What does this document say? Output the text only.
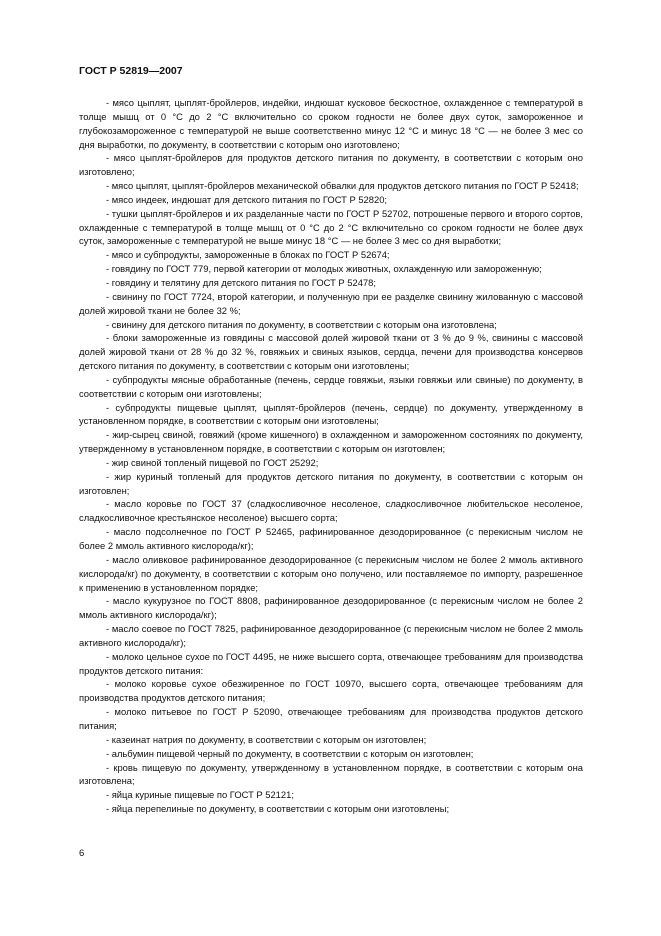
ГОСТ Р 52819—2007

- мясо цыплят, цыплят-бройлеров, индейки, индюшат кусковое бескостное, охлажденное с температурой в толще мышц от 0 °С до 2 °С включительно со сроком годности не более двух суток, замороженное и глубокозамороженное с температурой не выше соответственно минус 12 °С и минус 18 °С — не более 3 мес со дня выработки, по документу, в соответствии с которым оно изготовлено;

- мясо цыплят-бройлеров для продуктов детского питания по документу, в соответствии с которым оно изготовлено;

- мясо цыплят, цыплят-бройлеров механической обвалки для продуктов детского питания по ГОСТ Р 52418;

- мясо индеек, индюшат для детского питания по ГОСТ Р 52820;

- тушки цыплят-бройлеров и их разделанные части по ГОСТ Р 52702, потрошеные первого и второго сортов, охлажденные с температурой в толще мышц от 0 °С до 2 °С включительно со сроком годности не более двух суток, замороженные с температурой не выше минус 18 °С — не более 3 мес со дня выработки;

- мясо и субпродукты, замороженные в блоках по ГОСТ Р 52674;

- говядину по ГОСТ 779, первой категории от молодых животных, охлажденную или замороженную;

- говядину и телятину для детского питания по ГОСТ Р 52478;

- свинину по ГОСТ 7724, второй категории, и полученную при ее разделке свинину жилованную с массовой долей жировой ткани не более 32 %;

- свинину для детского питания по документу, в соответствии с которым она изготовлена;

- блоки замороженные из говядины с массовой долей жировой ткани от 3 % до 9 %, свинины с массовой долей жировой ткани от 28 % до 32 %, говяжьих и свиных языков, сердца, печени для производства консервов детского питания по документу, в соответствии с которым они изготовлены;

- субпродукты мясные обработанные (печень, сердце говяжьи, языки говяжьи или свиные) по документу, в соответствии с которым они изготовлены;

- субпродукты пищевые цыплят, цыплят-бройлеров (печень, сердце) по документу, утвержденному в установленном порядке, в соответствии с которым они изготовлены;

- жир-сырец свиной, говяжий (кроме кишечного) в охлажденном и замороженном состояниях по документу, утвержденному в установленном порядке, в соответствии с которым он изготовлен;

- жир свиной топленый пищевой по ГОСТ 25292;

- жир куриный топленый для продуктов детского питания по документу, в соответствии с которым он изготовлен;

- масло коровье по ГОСТ 37 (сладкосливочное несоленое, сладкосливочное любительское несоленое, сладкосливочное крестьянское несоленое) высшего сорта;

- масло подсолнечное по ГОСТ Р 52465, рафинированное дезодорированное (с перекисным числом не более 2 ммоль активного кислорода/кг);

- масло оливковое рафинированное дезодорированное (с перекисным числом не более 2 ммоль активного кислорода/кг) по документу, в соответствии с которым оно получено, или поставляемое по импорту, разрешенное к применению в установленном порядке;

- масло кукурузное по ГОСТ 8808, рафинированное дезодорированное (с перекисным числом не более 2 ммоль активного кислорода/кг);

- масло соевое по ГОСТ 7825, рафинированное дезодорированное (с перекисным числом не более 2 ммоль активного кислорода/кг);

- молоко цельное сухое по ГОСТ 4495, не ниже высшего сорта, отвечающее требованиям для производства продуктов детского питания:

- молоко коровье сухое обезжиренное по ГОСТ 10970, высшего сорта, отвечающее требованиям для производства продуктов детского питания;

- молоко питьевое по ГОСТ Р 52090, отвечающее требованиям для производства продуктов детского питания;

- казеинат натрия по документу, в соответствии с которым он изготовлен;

- альбумин пищевой черный по документу, в соответствии с которым он изготовлен;

- кровь пищевую по документу, утвержденному в установленном порядке, в соответствии с которым она изготовлена;

- яйца куриные пищевые по ГОСТ Р 52121;

- яйца перепелиные по документу, в соответствии с которым они изготовлены;

6
